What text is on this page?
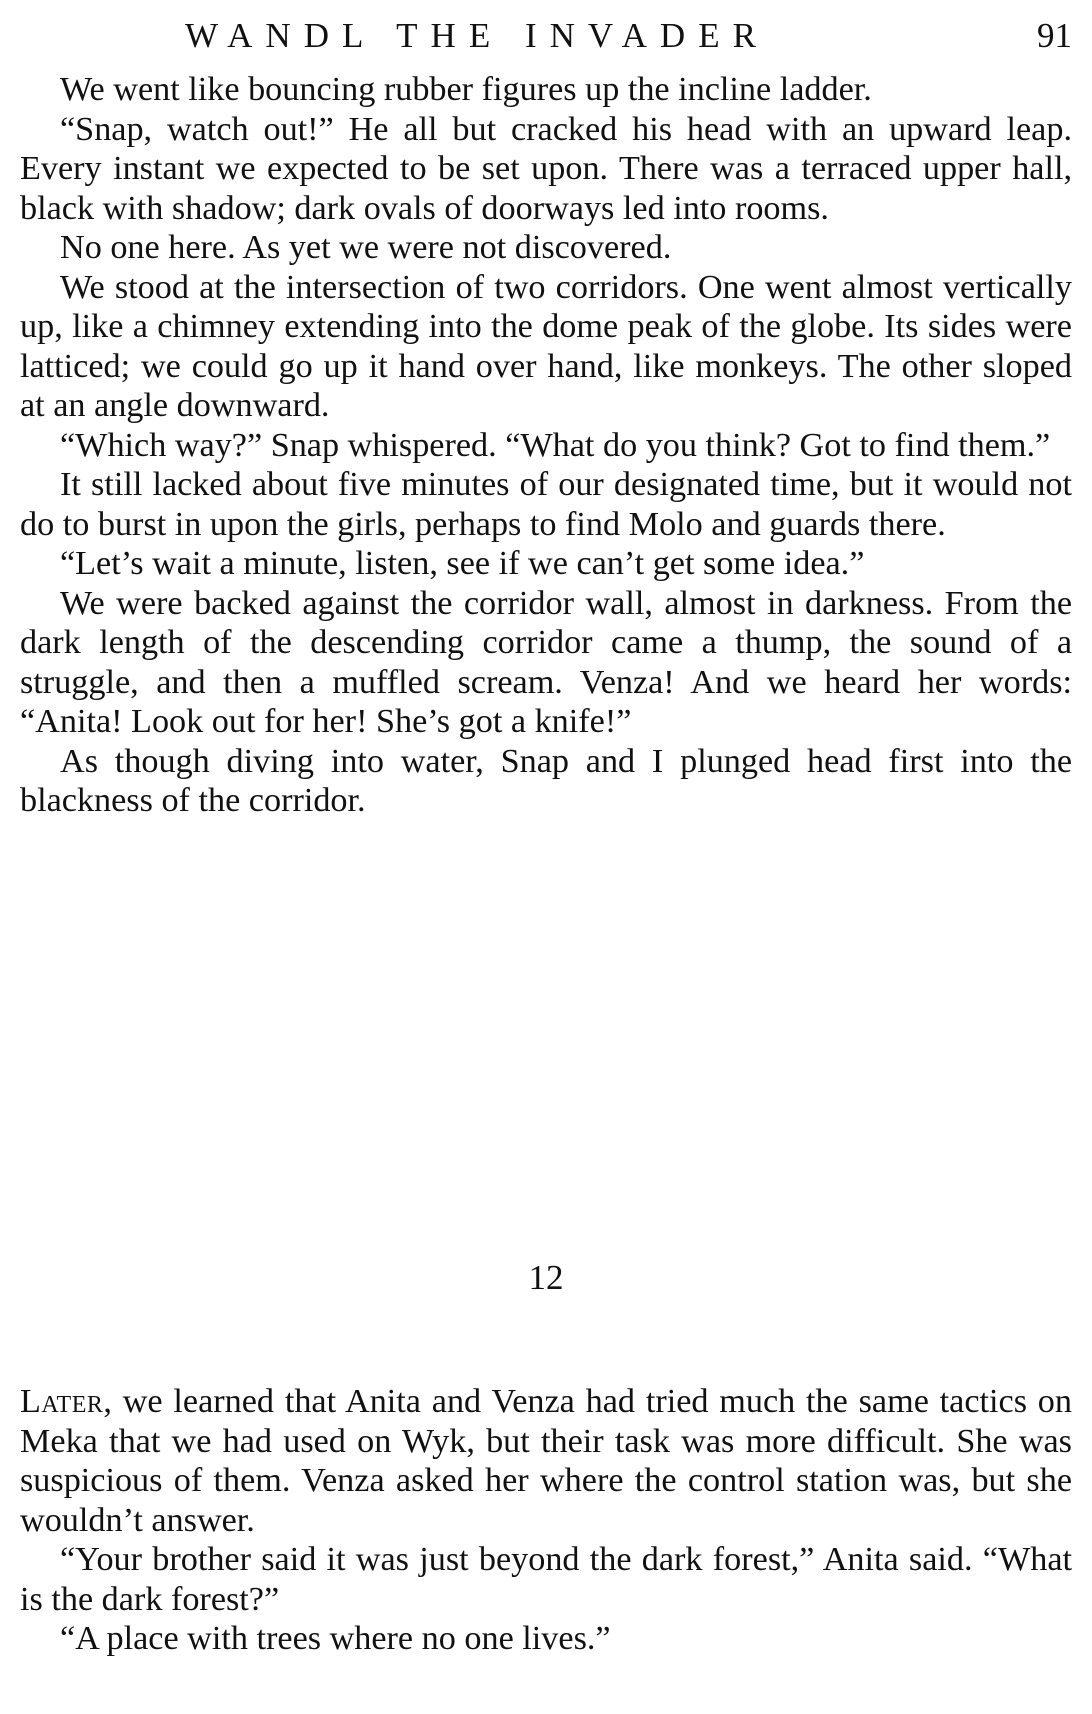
WANDL THE INVADER	91

We went like bouncing rubber figures up the incline ladder.

“Snap, watch out!” He all but cracked his head with an upward leap. Every instant we expected to be set upon. There was a terraced upper hall, black with shadow; dark ovals of doorways led into rooms.

No one here. As yet we were not discovered.

We stood at the intersection of two corridors. One went almost vertically up, like a chimney extending into the dome peak of the globe. Its sides were latticed; we could go up it hand over hand, like monkeys. The other sloped at an angle downward.

“Which way?” Snap whispered. “What do you think? Got to find them.”

It still lacked about five minutes of our designated time, but it would not do to burst in upon the girls, perhaps to find Molo and guards there.

“Let’s wait a minute, listen, see if we can’t get some idea.”

We were backed against the corridor wall, almost in darkness. From the dark length of the descending corridor came a thump, the sound of a struggle, and then a muffled scream. Venza! And we heard her words: “Anita! Look out for her! She’s got a knife!”

As though diving into water, Snap and I plunged head first into the blackness of the corridor.

12

Later, we learned that Anita and Venza had tried much the same tactics on Meka that we had used on Wyk, but their task was more difficult. She was suspicious of them. Venza asked her where the control station was, but she wouldn’t answer.

“Your brother said it was just beyond the dark forest,” Anita said. “What is the dark forest?”

“A place with trees where no one lives.”
